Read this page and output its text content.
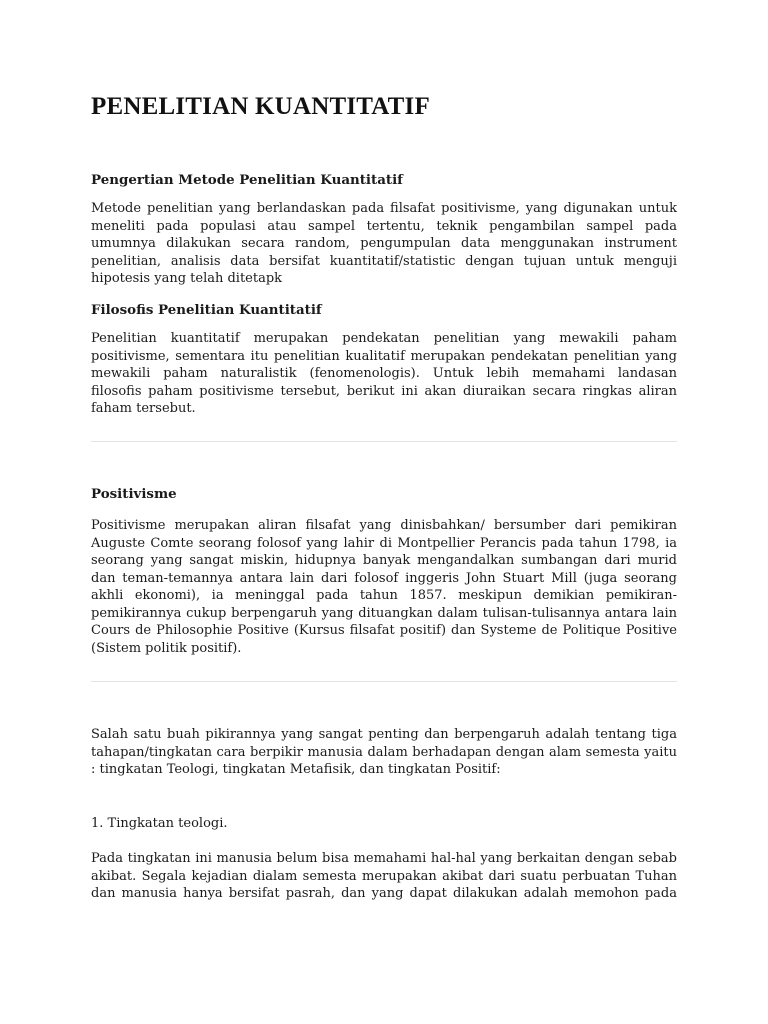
PENELITIAN KUANTITATIF
Pengertian Metode Penelitian Kuantitatif
Metode penelitian yang berlandaskan pada filsafat positivisme, yang digunakan untuk
meneliti pada populasi atau sampel tertentu, teknik pengambilan sampel pada
umumnya dilakukan secara random, pengumpulan data menggunakan instrument
penelitian, analisis data bersifat kuantitatif/statistic dengan tujuan untuk menguji
hipotesis yang telah ditetapk
Filosofis Penelitian Kuantitatif
Penelitian kuantitatif merupakan pendekatan penelitian yang mewakili paham
positivisme, sementara itu penelitian kualitatif merupakan pendekatan penelitian yang
mewakili paham naturalistik (fenomenologis). Untuk lebih memahami landasan
filosofis paham positivisme tersebut, berikut ini akan diuraikan secara ringkas aliran
faham tersebut.
Positivisme
Positivisme merupakan aliran filsafat yang dinisbahkan/ bersumber dari pemikiran
Auguste Comte seorang folosof yang lahir di Montpellier Perancis pada tahun 1798, ia
seorang yang sangat miskin, hidupnya banyak mengandalkan sumbangan dari murid
dan teman-temannya antara lain dari folosof inggeris John Stuart Mill (juga seorang
akhli ekonomi), ia meninggal pada tahun 1857. meskipun demikian pemikiran-
pemikirannya cukup berpengaruh yang dituangkan dalam tulisan-tulisannya antara lain
Cours de Philosophie Positive (Kursus filsafat positif) dan Systeme de Politique Positive
(Sistem politik positif).
Salah satu buah pikirannya yang sangat penting dan berpengaruh adalah tentang tiga
tahapan/tingkatan cara berpikir manusia dalam berhadapan dengan alam semesta yaitu
: tingkatan Teologi, tingkatan Metafisik, dan tingkatan Positif:
1. Tingkatan teologi.
Pada tingkatan ini manusia belum bisa memahami hal-hal yang berkaitan dengan sebab
akibat. Segala kejadian dialam semesta merupakan akibat dari suatu perbuatan Tuhan
dan manusia hanya bersifat pasrah, dan yang dapat dilakukan adalah memohon pada
